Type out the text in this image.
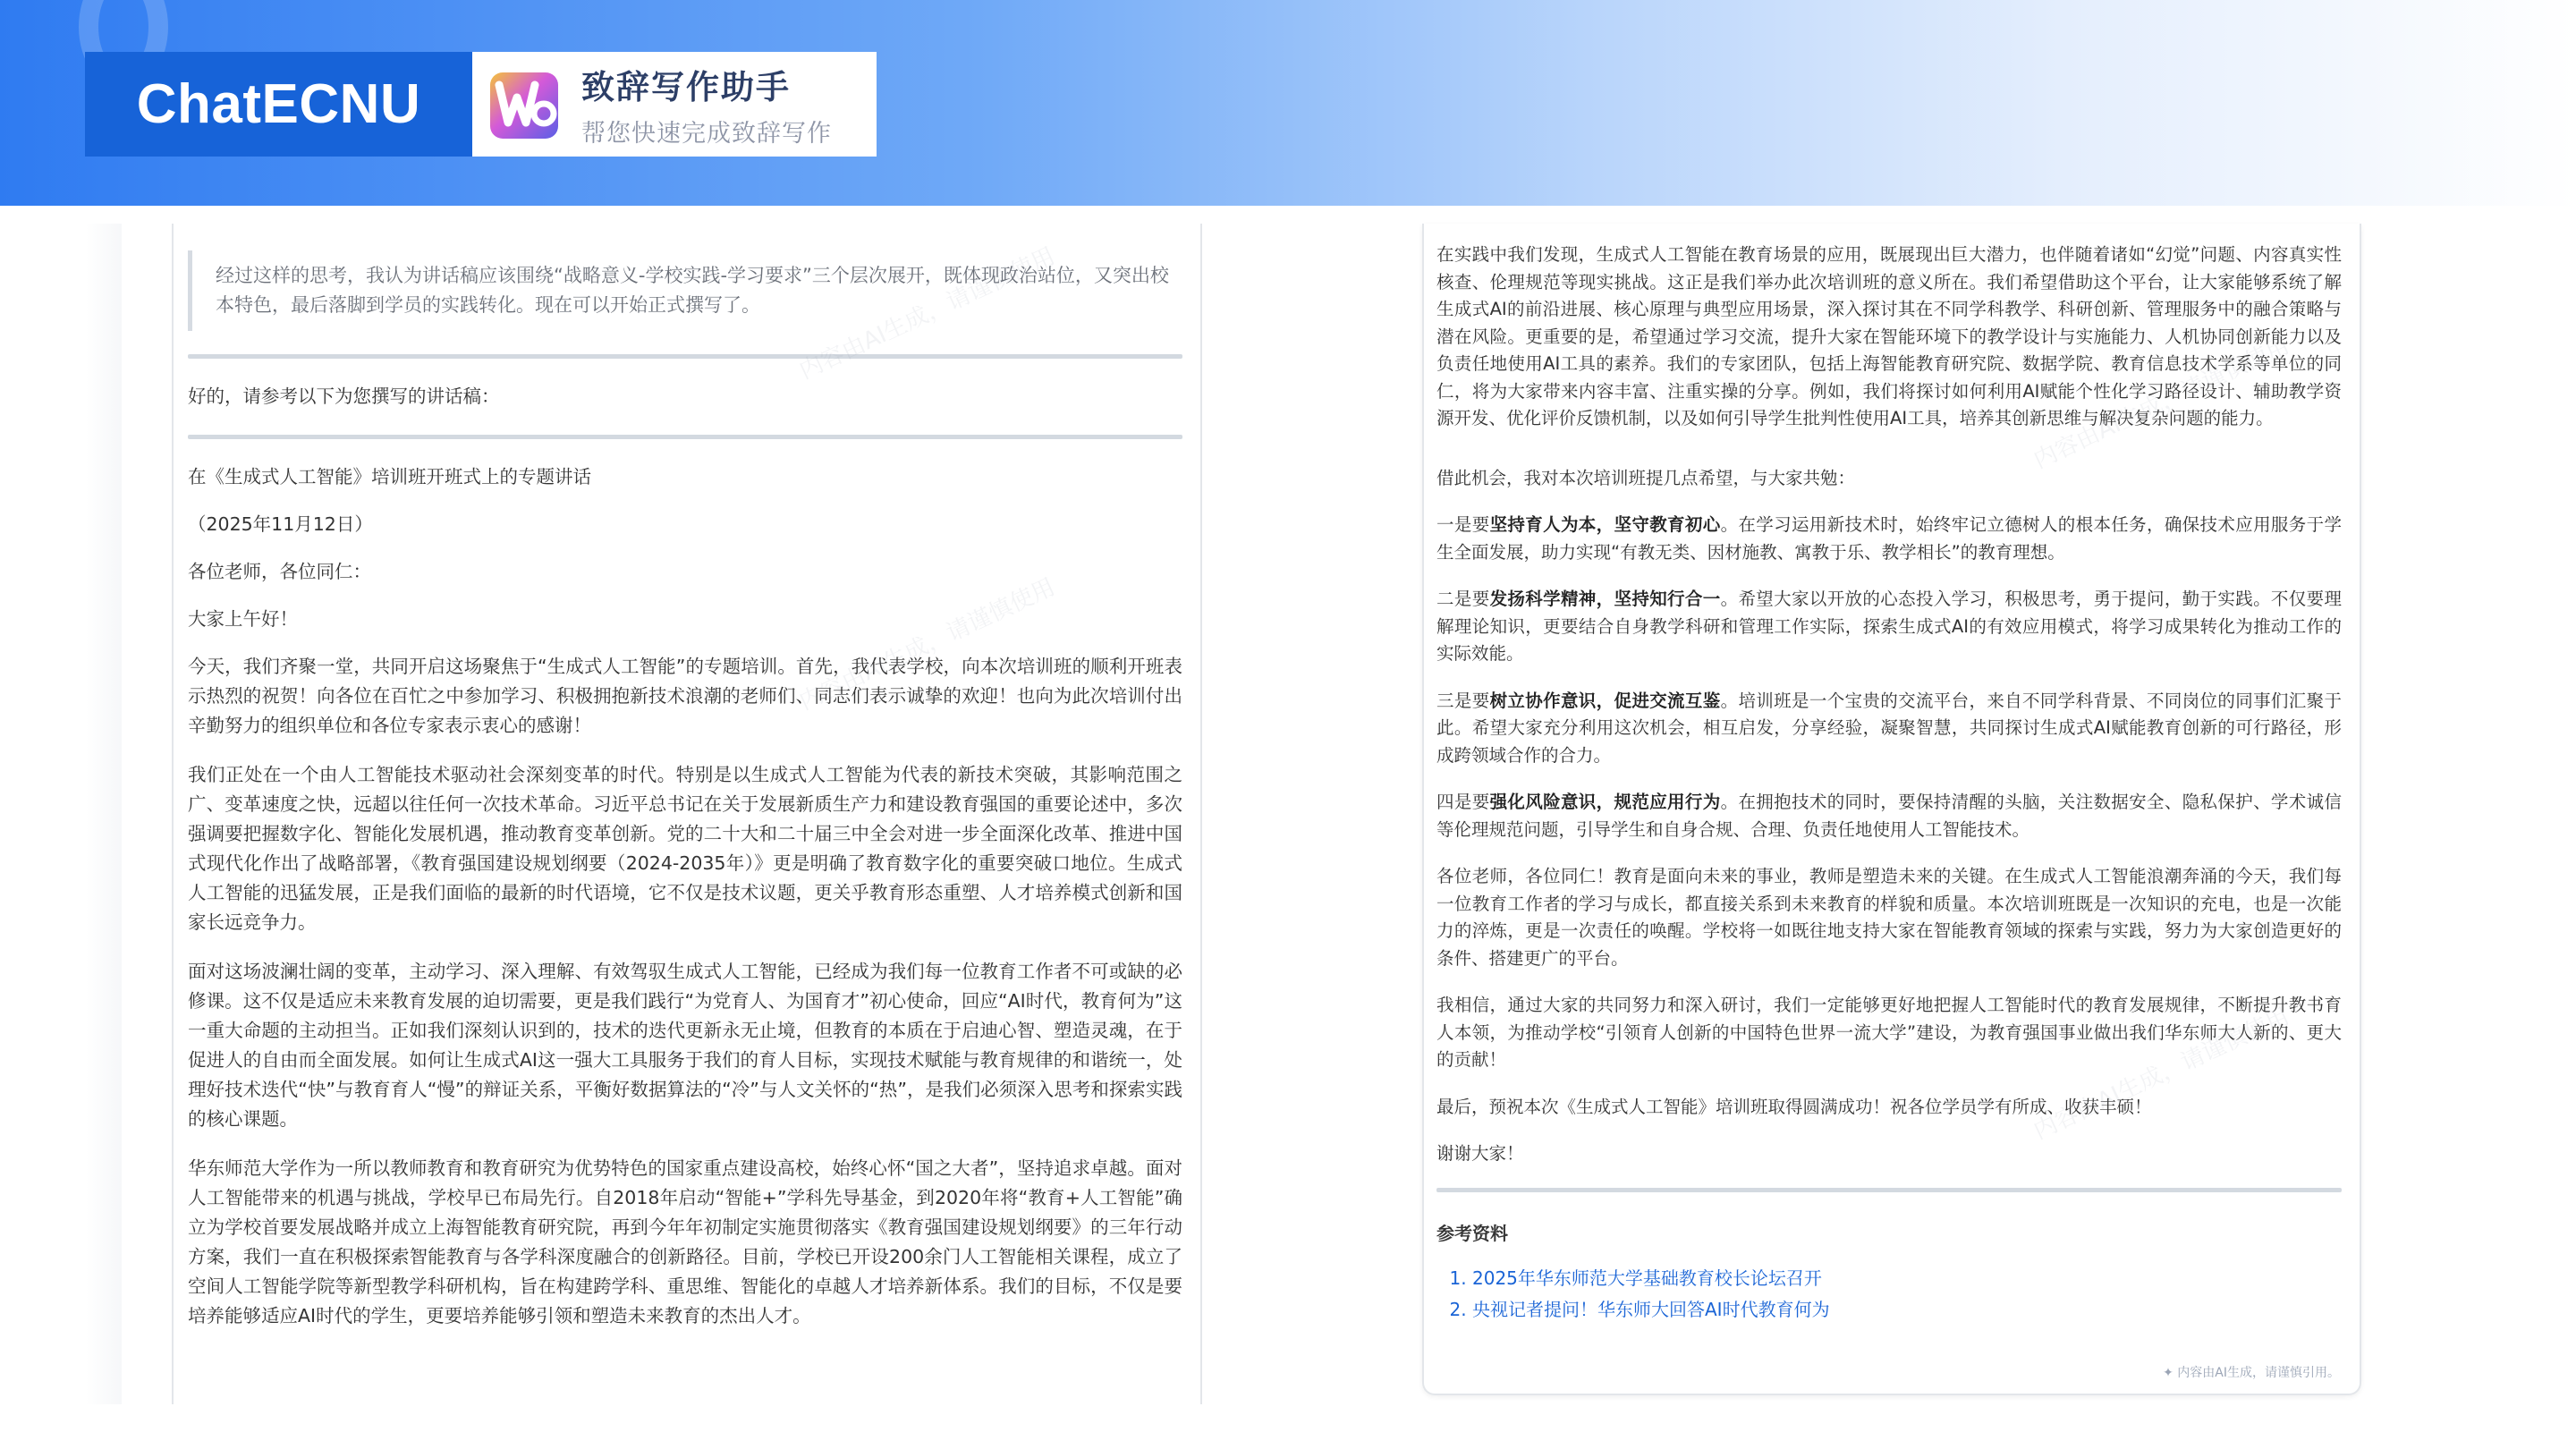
ChatECNU	致辞写作助手
帮您快速完成致辞写作
经过这样的思考，我认为讲话稿应该围绕“战略意义-学校实践-学习要求”三个层次展开，既体现政治站位，又突出校本特色，最后落脚到学员的实践转化。现在可以开始正式撰写了。

好的，请参考以下为您撰写的讲话稿：

在《生成式人工智能》培训班开班式上的专题讲话

（2025年11月12日）

各位老师，各位同仁：

大家上午好！

今天，我们齐聚一堂，共同开启这场聚焦于“生成式人工智能”的专题培训。首先，我代表学校，向本次培训班的顺利开班表示热烈的祝贺！向各位在百忙之中参加学习、积极拥抱新技术浪潮的老师们、同志们表示诚挚的欢迎！也向为此次培训付出辛勤努力的组织单位和各位专家表示衷心的感谢！

我们正处在一个由人工智能技术驱动社会深刻变革的时代。特别是以生成式人工智能为代表的新技术突破，其影响范围之广、变革速度之快，远超以往任何一次技术革命。习近平总书记在关于发展新质生产力和建设教育强国的重要论述中，多次强调要把握数字化、智能化发展机遇，推动教育变革创新。党的二十大和二十届三中全会对进一步全面深化改革、推进中国式现代化作出了战略部署，《教育强国建设规划纲要（2024-2035年）》更是明确了教育数字化的重要突破口地位。生成式人工智能的迅猛发展，正是我们面临的最新的时代语境，它不仅是技术议题，更关乎教育形态重塑、人才培养模式创新和国家长远竞争力。

面对这场波澜壮阔的变革，主动学习、深入理解、有效驾驭生成式人工智能，已经成为我们每一位教育工作者不可或缺的必修课。这不仅是适应未来教育发展的迫切需要，更是我们践行“为党育人、为国育才”初心使命，回应“AI时代，教育何为”这一重大命题的主动担当。正如我们深刻认识到的，技术的迭代更新永无止境，但教育的本质在于启迪心智、塑造灵魂，在于促进人的自由而全面发展。如何让生成式AI这一强大工具服务于我们的育人目标，实现技术赋能与教育规律的和谐统一，处理好技术迭代“快”与教育育人“慢”的辩证关系，平衡好数据算法的“冷”与人文关怀的“热”，是我们必须深入思考和探索实践的核心课题。

华东师范大学作为一所以教师教育和教育研究为优势特色的国家重点建设高校，始终心怀“国之大者”，坚持追求卓越。面对人工智能带来的机遇与挑战，学校早已布局先行。自2018年启动“智能+”学科先导基金，到2020年将“教育+人工智能”确立为学校首要发展战略并成立上海智能教育研究院，再到今年年初制定实施贯彻落实《教育强国建设规划纲要》的三年行动方案，我们一直在积极探索智能教育与各学科深度融合的创新路径。目前，学校已开设200余门人工智能相关课程，成立了空间人工智能学院等新型教学科研机构，旨在构建跨学科、重思维、智能化的卓越人才培养新体系。我们的目标，不仅是要培养能够适应AI时代的学生，更要培养能够引领和塑造未来教育的杰出人才。

在实践中我们发现，生成式人工智能在教育场景的应用，既展现出巨大潜力，也伴随着诸如“幻觉”问题、内容真实性核查、伦理规范等现实挑战。这正是我们举办此次培训班的意义所在。我们希望借助这个平台，让大家能够系统了解生成式AI的前沿进展、核心原理与典型应用场景，深入探讨其在不同学科教学、科研创新、管理服务中的融合策略与潜在风险。更重要的是，希望通过学习交流，提升大家在智能环境下的教学设计与实施能力、人机协同创新能力以及负责任地使用AI工具的素养。我们的专家团队，包括上海智能教育研究院、数据学院、教育信息技术学系等单位的同仁，将为大家带来内容丰富、注重实操的分享。例如，我们将探讨如何利用AI赋能个性化学习路径设计、辅助教学资源开发、优化评价反馈机制，以及如何引导学生批判性使用AI工具，培养其创新思维与解决复杂问题的能力。

借此机会，我对本次培训班提几点希望，与大家共勉：

一是要坚持育人为本，坚守教育初心。在学习运用新技术时，始终牢记立德树人的根本任务，确保技术应用服务于学生全面发展，助力实现“有教无类、因材施教、寓教于乐、教学相长”的教育理想。

二是要发扬科学精神，坚持知行合一。希望大家以开放的心态投入学习，积极思考，勇于提问，勤于实践。不仅要理解理论知识，更要结合自身教学科研和管理工作实际，探索生成式AI的有效应用模式，将学习成果转化为推动工作的实际效能。

三是要树立协作意识，促进交流互鉴。培训班是一个宝贵的交流平台，来自不同学科背景、不同岗位的同事们汇聚于此。希望大家充分利用这次机会，相互启发，分享经验，凝聚智慧，共同探讨生成式AI赋能教育创新的可行路径，形成跨领域合作的合力。

四是要强化风险意识，规范应用行为。在拥抱技术的同时，要保持清醒的头脑，关注数据安全、隐私保护、学术诚信等伦理规范问题，引导学生和自身合规、合理、负责任地使用人工智能技术。

各位老师，各位同仁！教育是面向未来的事业，教师是塑造未来的关键。在生成式人工智能浪潮奔涌的今天，我们每一位教育工作者的学习与成长，都直接关系到未来教育的样貌和质量。本次培训班既是一次知识的充电，也是一次能力的淬炼，更是一次责任的唤醒。学校将一如既往地支持大家在智能教育领域的探索与实践，努力为大家创造更好的条件、搭建更广的平台。

我相信，通过大家的共同努力和深入研讨，我们一定能够更好地把握人工智能时代的教育发展规律，不断提升教书育人本领，为推动学校“引领育人创新的中国特色世界一流大学”建设，为教育强国事业做出我们华东师大人新的、更大的贡献！

最后，预祝本次《生成式人工智能》培训班取得圆满成功！祝各位学员学有所成、收获丰硕！

谢谢大家！

参考资料
1. 2025年华东师范大学基础教育校长论坛召开
2. 央视记者提问！华东师大回答AI时代教育何为
✦ 内容由AI生成，请谨慎引用。
